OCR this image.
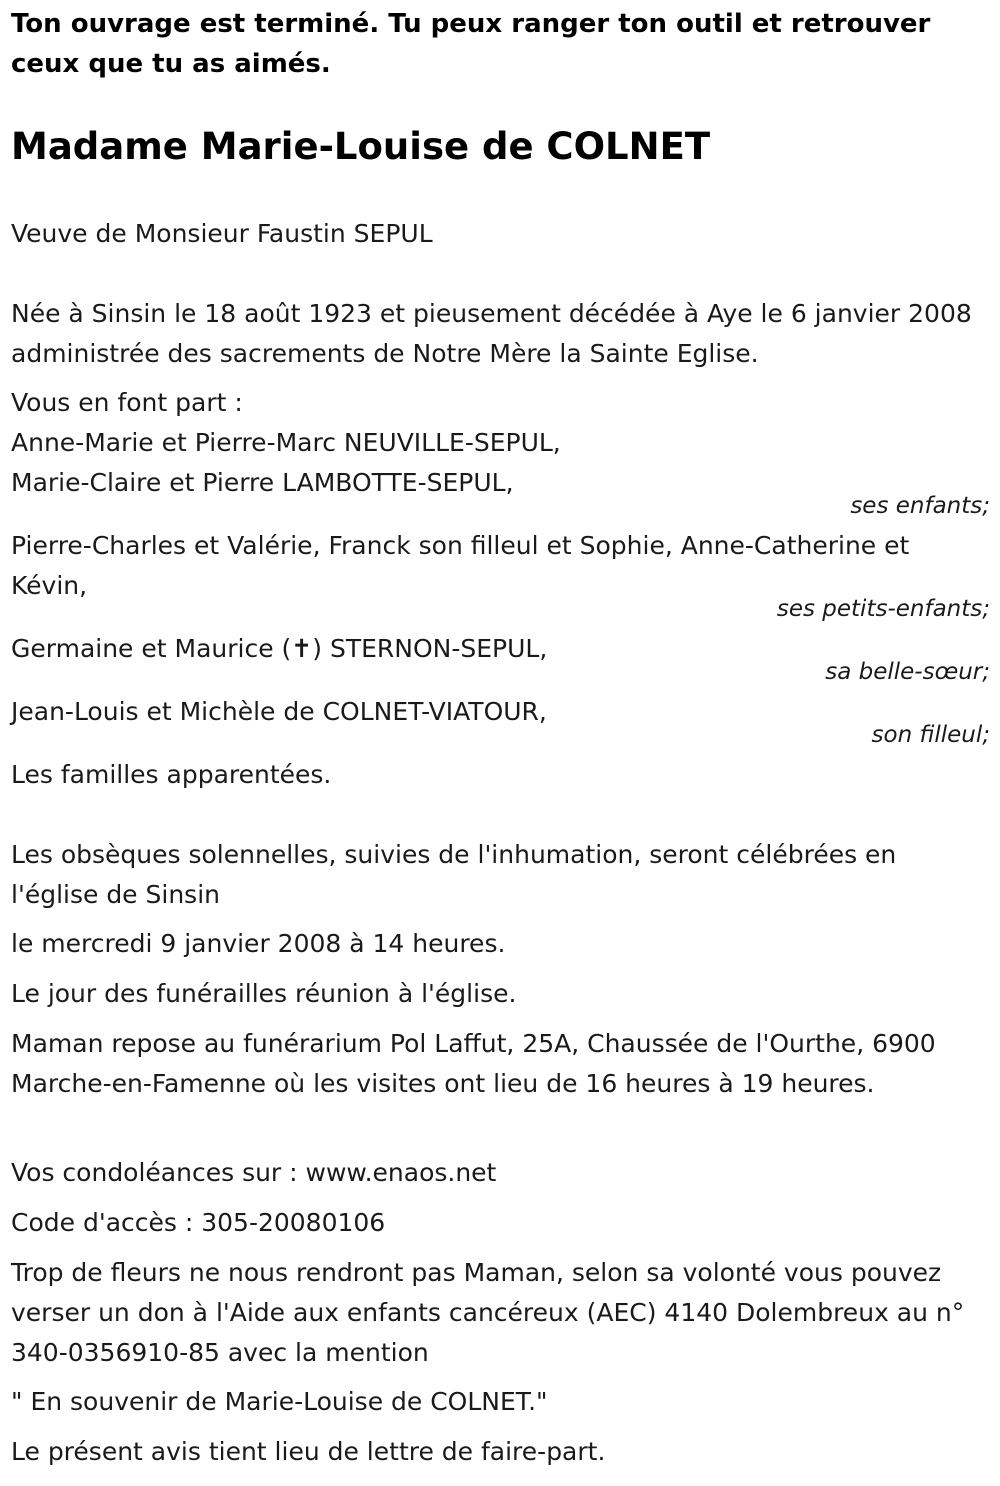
Ton ouvrage est terminé. Tu peux ranger ton outil et retrouver ceux que tu as aimés.

Madame Marie-Louise de COLNET

Veuve de Monsieur Faustin SEPUL

Née à Sinsin le 18 août 1923 et pieusement décédée à Aye le 6 janvier 2008 administrée des sacrements de Notre Mère la Sainte Eglise.

Vous en font part :
Anne-Marie et Pierre-Marc NEUVILLE-SEPUL,
Marie-Claire et Pierre LAMBOTTE-SEPUL,
ses enfants;

Pierre-Charles et Valérie, Franck son filleul et Sophie, Anne-Catherine et Kévin,

ses petits-enfants;

Germaine et Maurice (✝) STERNON-SEPUL,

sa belle-sœur;

Jean-Louis et Michèle de COLNET-VIATOUR,

son filleul;

Les familles apparentées.

Les obsèques solennelles, suivies de l'inhumation, seront célébrées en l'église de Sinsin

le mercredi 9 janvier 2008 à 14 heures.

Le jour des funérailles réunion à l'église.

Maman repose au funérarium Pol Laffut, 25A, Chaussée de l'Ourthe, 6900 Marche-en-Famenne où les visites ont lieu de 16 heures à 19 heures.

Vos condoléances sur : www.enaos.net

Code d'accès : 305-20080106

Trop de fleurs ne nous rendront pas Maman, selon sa volonté vous pouvez verser un don à l'Aide aux enfants cancéreux (AEC) 4140 Dolembreux au n° 340-0356910-85 avec la mention

" En souvenir de Marie-Louise de COLNET."

Le présent avis tient lieu de lettre de faire-part.
